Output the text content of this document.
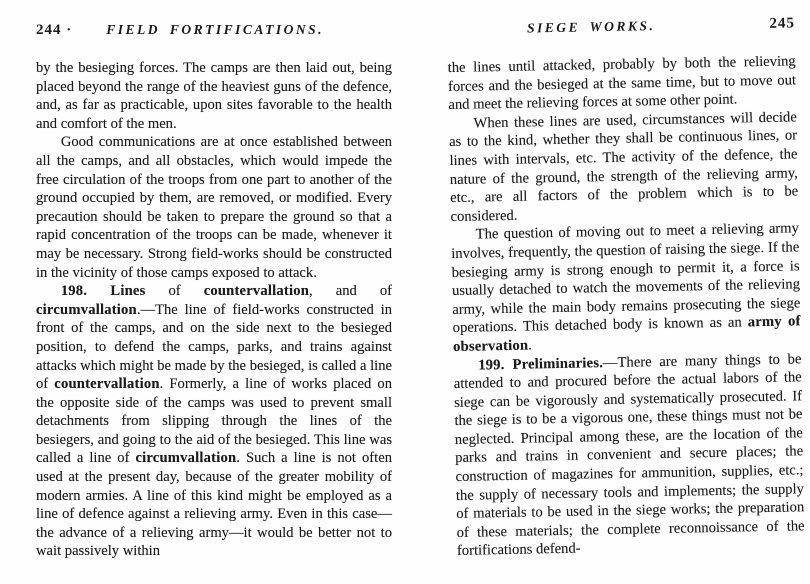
244 ·	FIELD FORTIFICATIONS.

by the besieging forces. The camps are then laid out, being placed beyond the range of the heaviest guns of the defence, and, as far as practicable, upon sites favorable to the health and comfort of the men.

Good communications are at once established between all the camps, and all obstacles, which would impede the free circulation of the troops from one part to another of the ground occupied by them, are removed, or modified. Every precaution should be taken to prepare the ground so that a rapid concentration of the troops can be made, whenever it may be necessary. Strong field-works should be constructed in the vicinity of those camps exposed to attack.

198. Lines of countervallation, and of circumvallation.—The line of field-works constructed in front of the camps, and on the side next to the besieged position, to defend the camps, parks, and trains against attacks which might be made by the besieged, is called a line of countervallation. Formerly, a line of works placed on the opposite side of the camps was used to prevent small detachments from slipping through the lines of the besiegers, and going to the aid of the besieged. This line was called a line of circumvallation. Such a line is not often used at the present day, because of the greater mobility of modern armies. A line of this kind might be employed as a line of defence against a relieving army. Even in this case—the advance of a relieving army—it would be better not to wait passively within

SIEGE WORKS.	245

the lines until attacked, probably by both the relieving forces and the besieged at the same time, but to move out and meet the relieving forces at some other point.

When these lines are used, circumstances will decide as to the kind, whether they shall be continuous lines, or lines with intervals, etc. The activity of the defence, the nature of the ground, the strength of the relieving army, etc., are all factors of the problem which is to be considered.

The question of moving out to meet a relieving army involves, frequently, the question of raising the siege. If the besieging army is strong enough to permit it, a force is usually detached to watch the movements of the relieving army, while the main body remains prosecuting the siege operations. This detached body is known as an army of observation.

199. Preliminaries.—There are many things to be attended to and procured before the actual labors of the siege can be vigorously and systematically prosecuted. If the siege is to be a vigorous one, these things must not be neglected. Principal among these, are the location of the parks and trains in convenient and secure places; the construction of magazines for ammunition, supplies, etc.; the supply of necessary tools and implements; the supply of materials to be used in the siege works; the preparation of these materials; the complete reconnoissance of the fortifications defend-
